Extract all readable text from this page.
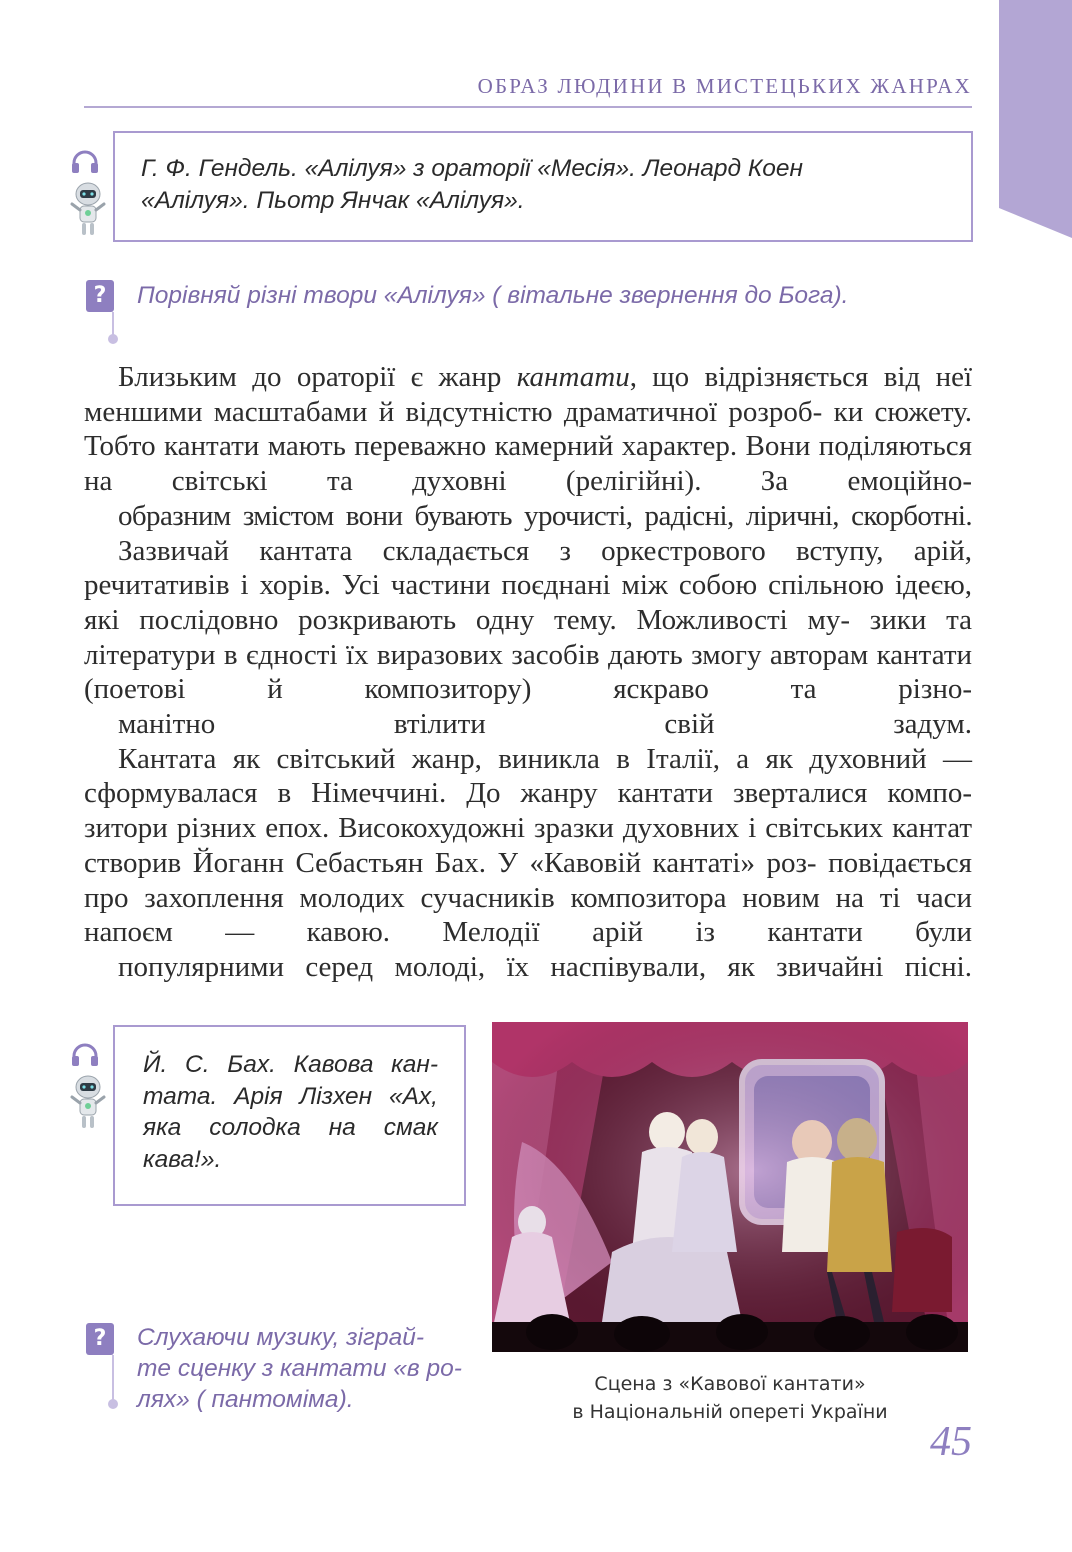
ОБРАЗ ЛЮДИНИ В МИСТЕЦЬКИХ ЖАНРАХ
Г. Ф. Гендель. «Алілуя» з ораторії «Месія». Леонард Коен
«Алілуя». Пьотр Янчак «Алілуя».
?	Порівняй різні твори «Алілуя» ( вітальне звернення до Бога).

Близьким до ораторії є жанр кантати, що відрізняється від неї меншими масштабами й відсутністю драматичної розроб- ки сюжету. Тобто кантати мають переважно камерний характер. Вони поділяються на світські та духовні (релігійні). За емоційно-
образним змістом вони бувають урочисті, радісні, ліричні, скорботні.

Зазвичай кантата складається з оркестрового вступу, арій, речитативів і хорів. Усі частини поєднані між собою спільною ідеєю, які послідовно розкривають одну тему. Можливості му- зики та літератури в єдності їх виразових засобів дають змогу авторам кантати (поетові й композитору) яскраво та різно-
манітно втілити свій задум.

Кантата як світський жанр, виникла в Італії, а як духовний — сформувалася в Німеччині. До жанру кантати зверталися компо- зитори різних епох. Високохудожні зразки духовних і світських кантат створив Йоганн Себастьян Бах. У «Кавовій кантаті» роз- повідається про захоплення молодих сучасників композитора новим на ті часи напоєм — кавою. Мелодії арій із кантати були
популярними серед молоді, їх наспівували, як звичайні пісні.

Й. С. Бах. Кавова кан-
тата. Арія Лізхен «Ах,
яка солодка на смак
кава!».
?	Слухаючи музику, зіграй-
те сценку з кантати «в ро-
лях» ( пантоміма).
Сцена з «Кавової кантати»
в Національній опереті України
45
